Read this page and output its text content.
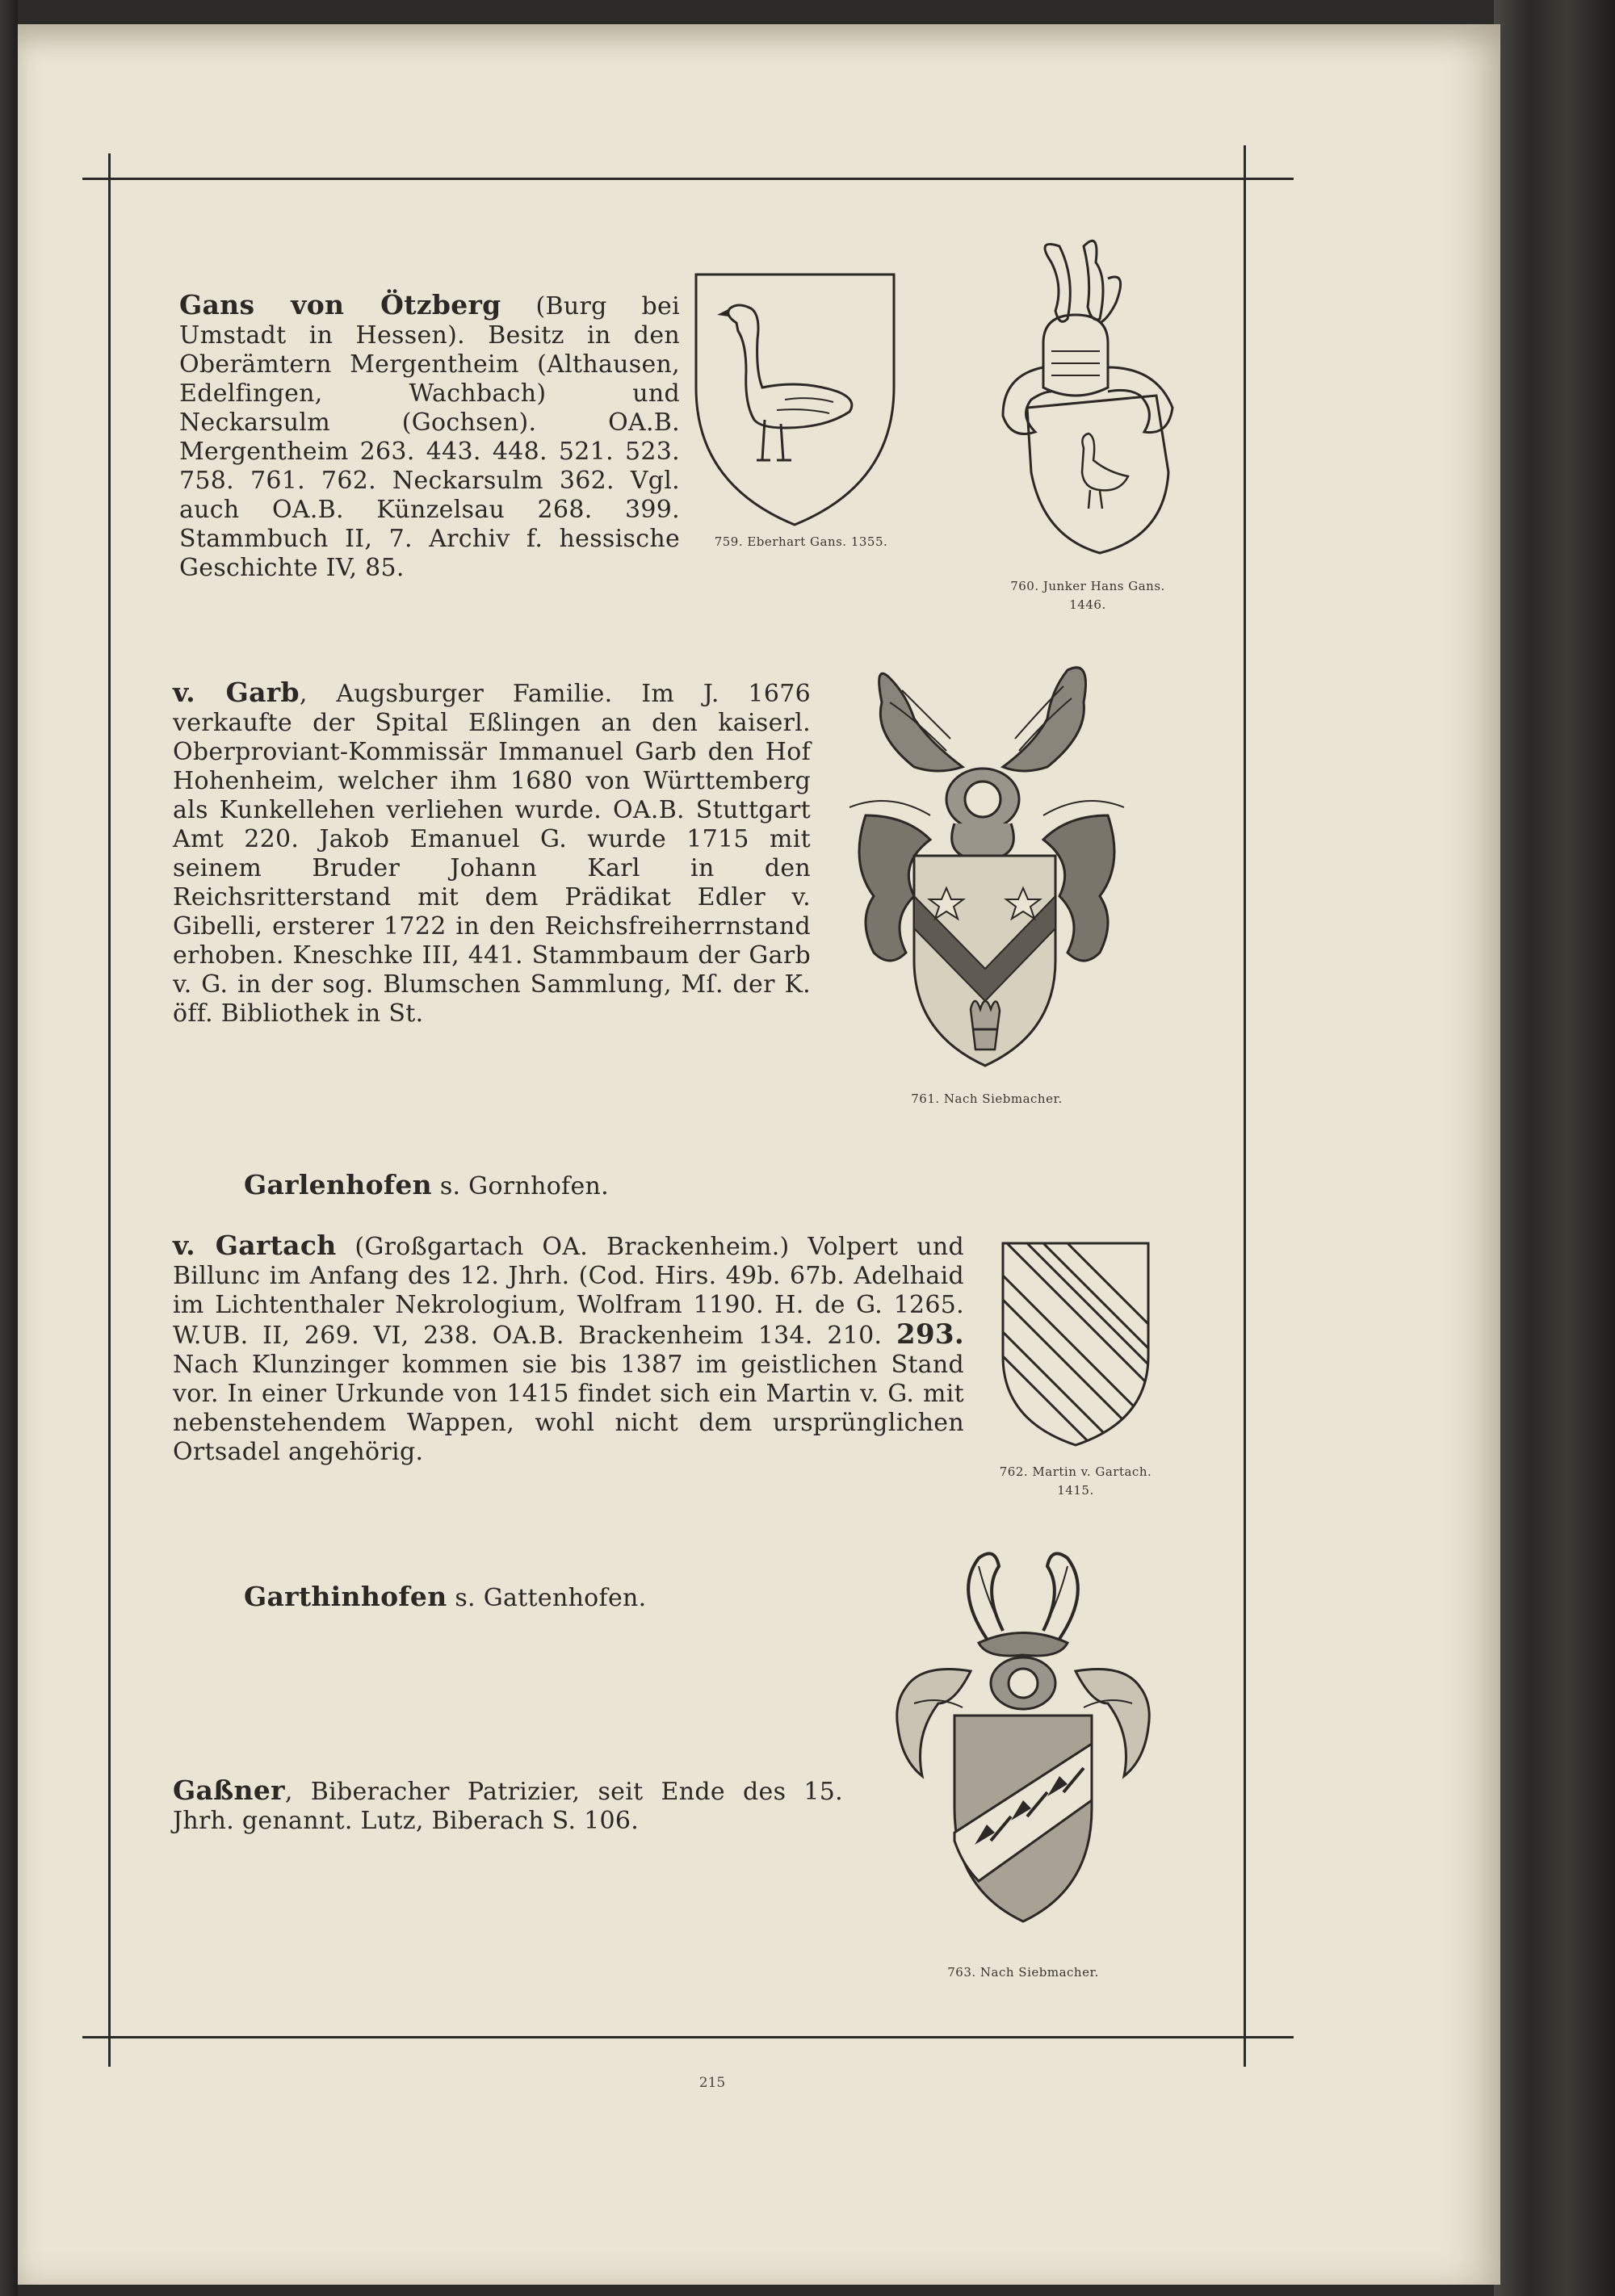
Gans von Ötzberg (Burg bei Umstadt in Hessen). Besitz in den Oberämtern Mergentheim (Althausen, Edelfingen, Wachbach) und Neckarsulm (Gochsen). OA.B. Mergentheim 263. 443. 448. 521. 523. 758. 761. 762. Neckarsulm 362. Vgl. auch OA.B. Künzelsau 268. 399. Stammbuch II, 7. Archiv f. hessische Geschichte IV, 85.

759. Eberhart Gans. 1355.
760. Junker Hans Gans.
1446.

v. Garb, Augsburger Familie. Im J. 1676 verkaufte der Spital Eßlingen an den kaiserl. Oberproviant-Kommissär Immanuel Garb den Hof Hohenheim, welcher ihm 1680 von Württemberg als Kunkellehen verliehen wurde. OA.B. Stuttgart Amt 220. Jakob Emanuel G. wurde 1715 mit seinem Bruder Johann Karl in den Reichsritterstand mit dem Prädikat Edler v. Gibelli, ersterer 1722 in den Reichsfreiherrnstand erhoben. Kneschke III, 441. Stammbaum der Garb v. G. in der sog. Blumschen Sammlung, Mſ. der K. öff. Bibliothek in St.

761. Nach Siebmacher.

Garlenhofen s. Gornhofen.

v. Gartach (Großgartach OA. Brackenheim.) Volpert und Billunc im Anfang des 12. Jhrh. (Cod. Hirs. 49b. 67b. Adelhaid im Lichtenthaler Nekrologium, Wolfram 1190. H. de G. 1265. W.UB. II, 269. VI, 238. OA.B. Brackenheim 134. 210. 293. Nach Klunzinger kommen sie bis 1387 im geistlichen Stand vor. In einer Urkunde von 1415 findet sich ein Martin v. G. mit nebenstehendem Wappen, wohl nicht dem ursprünglichen Ortsadel angehörig.

762. Martin v. Gartach.
1415.

Garthinhofen s. Gattenhofen.

Gaßner, Biberacher Patrizier, seit Ende des 15. Jhrh. genannt. Lutz, Biberach S. 106.

763. Nach Siebmacher.
215
